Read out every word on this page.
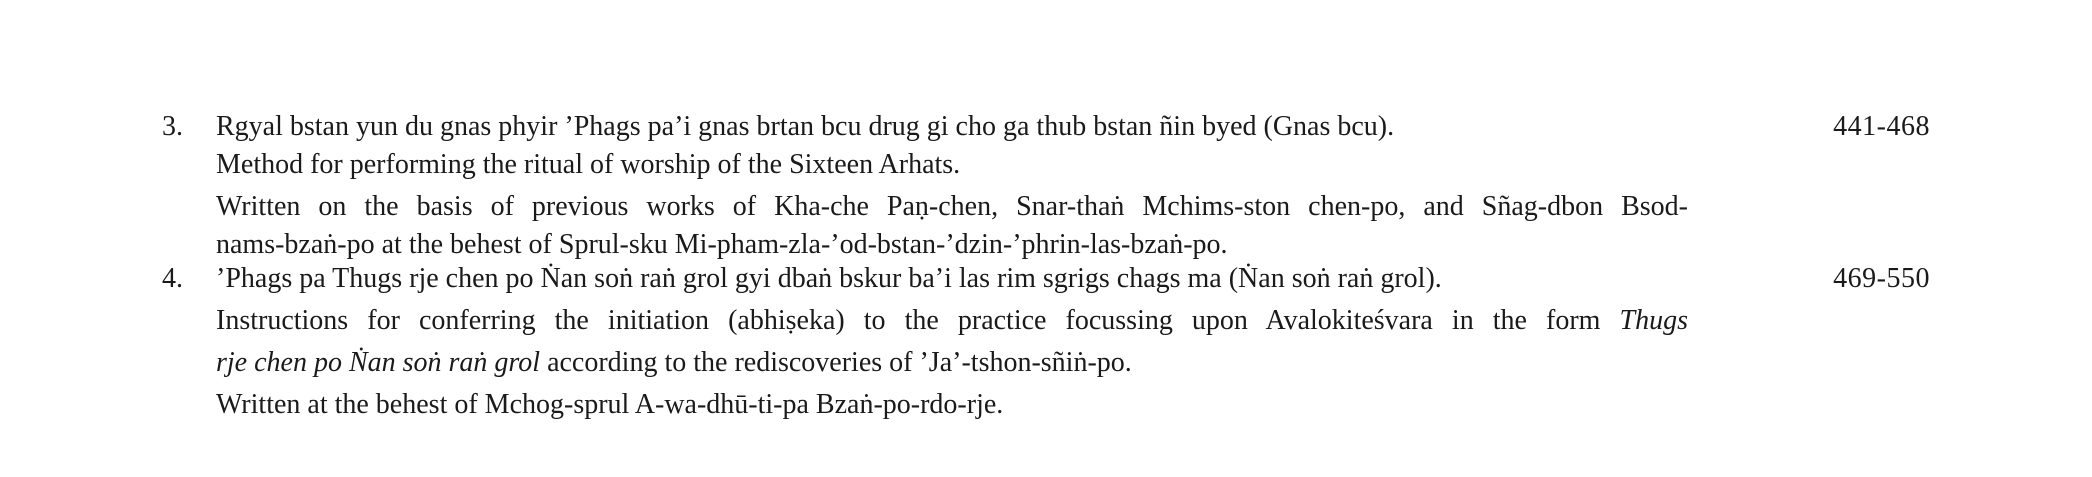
3.	Rgyal bstan yun du gnas phyir ’Phags pa’i gnas brtan bcu drug gi cho ga thub bstan ñin byed (Gnas bcu).
Method for performing the ritual of worship of the Sixteen Arhats.
Written on the basis of previous works of Kha-che Paṇ-chen, Snar-thaṅ Mchims-ston chen-po, and Sñag-dbon Bsod-
nams-bzaṅ-po at the behest of Sprul-sku Mi-pham-zla-’od-bstan-’dzin-’phrin-las-bzaṅ-po.
441-468
4.	’Phags pa Thugs rje chen po Ṅan soṅ raṅ grol gyi dbaṅ bskur ba’i las rim sgrigs chags ma (Ṅan soṅ raṅ grol).
Instructions for conferring the initiation (abhiṣeka) to the practice focussing upon Avalokiteśvara in the form Thugs
rje chen po Ṅan soṅ raṅ grol according to the rediscoveries of ’Ja’-tshon-sñiṅ-po.
Written at the behest of Mchog-sprul A-wa-dhū-ti-pa Bzaṅ-po-rdo-rje.
469-550
